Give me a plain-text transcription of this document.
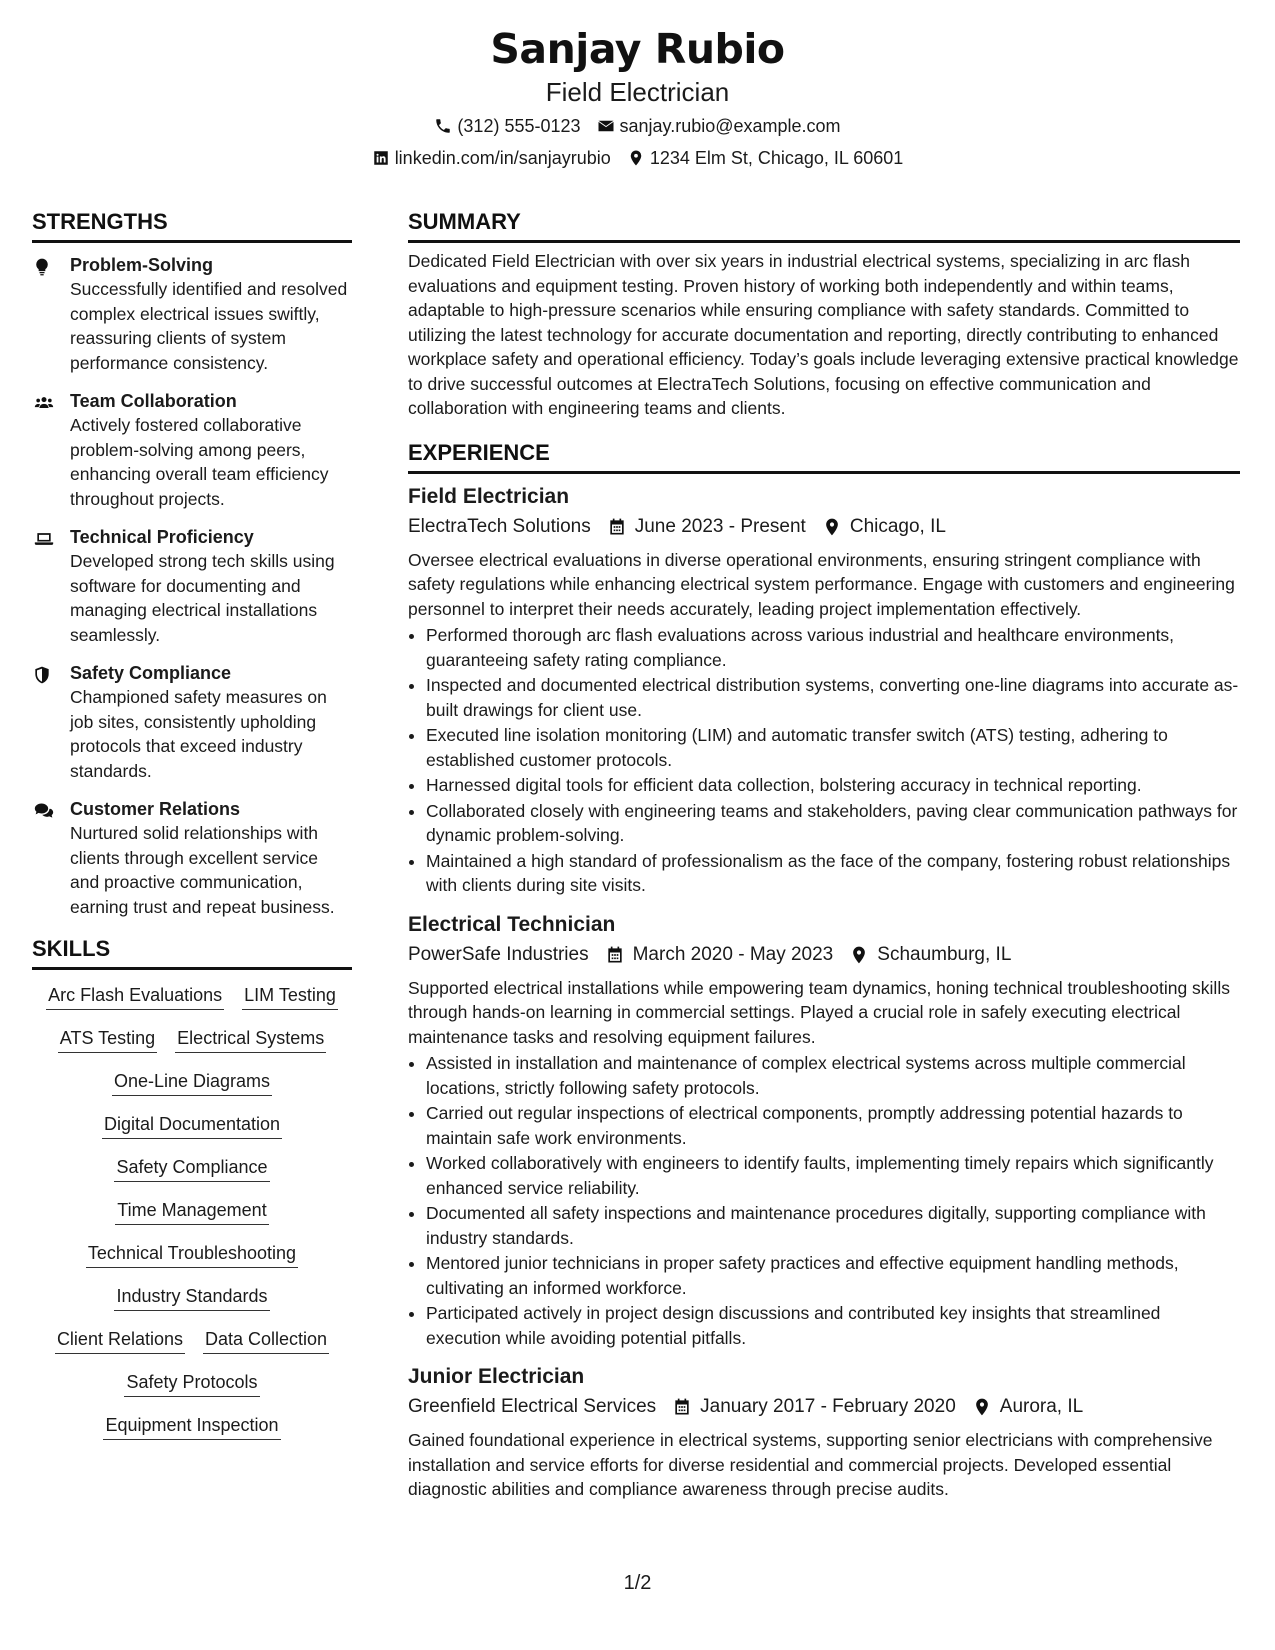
Sanjay Rubio
Field Electrician
(312) 555-0123 sanjay.rubio@example.com
linkedin.com/in/sanjayrubio 1234 Elm St, Chicago, IL 60601
STRENGTHS
Problem-Solving
Successfully identified and resolved complex electrical issues swiftly, reassuring clients of system performance consistency.
Team Collaboration
Actively fostered collaborative problem-solving among peers, enhancing overall team efficiency throughout projects.
Technical Proficiency
Developed strong tech skills using software for documenting and managing electrical installations seamlessly.
Safety Compliance
Championed safety measures on job sites, consistently upholding protocols that exceed industry standards.
Customer Relations
Nurtured solid relationships with clients through excellent service and proactive communication, earning trust and repeat business.
SKILLS
Arc Flash Evaluations LIM Testing
ATS Testing Electrical Systems
One-Line Diagrams
Digital Documentation
Safety Compliance
Time Management
Technical Troubleshooting
Industry Standards
Client Relations Data Collection
Safety Protocols
Equipment Inspection
SUMMARY
Dedicated Field Electrician with over six years in industrial electrical systems, specializing in arc flash evaluations and equipment testing. Proven history of working both independently and within teams, adaptable to high-pressure scenarios while ensuring compliance with safety standards. Committed to utilizing the latest technology for accurate documentation and reporting, directly contributing to enhanced workplace safety and operational efficiency. Today’s goals include leveraging extensive practical knowledge to drive successful outcomes at ElectraTech Solutions, focusing on effective communication and collaboration with engineering teams and clients.
EXPERIENCE
Field Electrician
ElectraTech Solutions June 2023 - Present Chicago, IL
Oversee electrical evaluations in diverse operational environments, ensuring stringent compliance with safety regulations while enhancing electrical system performance. Engage with customers and engineering personnel to interpret their needs accurately, leading project implementation effectively.
• Performed thorough arc flash evaluations across various industrial and healthcare environments, guaranteeing safety rating compliance.
• Inspected and documented electrical distribution systems, converting one-line diagrams into accurate as-built drawings for client use.
• Executed line isolation monitoring (LIM) and automatic transfer switch (ATS) testing, adhering to established customer protocols.
• Harnessed digital tools for efficient data collection, bolstering accuracy in technical reporting.
• Collaborated closely with engineering teams and stakeholders, paving clear communication pathways for dynamic problem-solving.
• Maintained a high standard of professionalism as the face of the company, fostering robust relationships with clients during site visits.
Electrical Technician
PowerSafe Industries March 2020 - May 2023 Schaumburg, IL
Supported electrical installations while empowering team dynamics, honing technical troubleshooting skills through hands-on learning in commercial settings. Played a crucial role in safely executing electrical maintenance tasks and resolving equipment failures.
• Assisted in installation and maintenance of complex electrical systems across multiple commercial locations, strictly following safety protocols.
• Carried out regular inspections of electrical components, promptly addressing potential hazards to maintain safe work environments.
• Worked collaboratively with engineers to identify faults, implementing timely repairs which significantly enhanced service reliability.
• Documented all safety inspections and maintenance procedures digitally, supporting compliance with industry standards.
• Mentored junior technicians in proper safety practices and effective equipment handling methods, cultivating an informed workforce.
• Participated actively in project design discussions and contributed key insights that streamlined execution while avoiding potential pitfalls.
Junior Electrician
Greenfield Electrical Services January 2017 - February 2020 Aurora, IL
Gained foundational experience in electrical systems, supporting senior electricians with comprehensive installation and service efforts for diverse residential and commercial projects. Developed essential diagnostic abilities and compliance awareness through precise audits.
1/2
